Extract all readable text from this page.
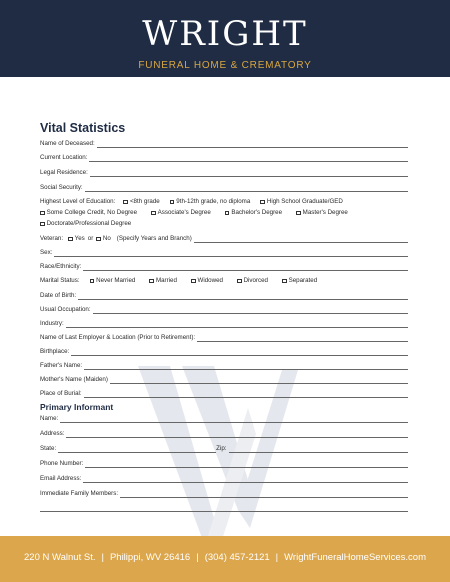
WRIGHT
FUNERAL HOME & CREMATORY
Vital Statistics
Name of Deceased:
Current Location:
Legal Residence:
Social Security:
Highest Level of Education: <8th grade	9th-12th grade, no diploma	High School Graduate/GED
Some College Credit, No Degree	Associate's Degree	Bachelor's Degree	Master's Degree
Doctorate/Professional Degree
Veteran: Yes or No (Specify Years and Branch)
Sex:
Race/Ethnicity:
Marital Status:	Never Married	Married	Widowed	Divorced	Separated
Date of Birth:
Usual Occupation:
Industry:
Name of Last Employer & Location (Prior to Retirement):
Birthplace:
Father's Name:
Mother's Name (Maiden)
Place of Burial:
Primary Informant
Name:
Address:
State:	Zip:
Phone Number:
Email Address:
Immediate Family Members:
220 N Walnut St. | Philippi, WV 26416 | (304) 457-2121 | WrightFuneralHomeServices.com
